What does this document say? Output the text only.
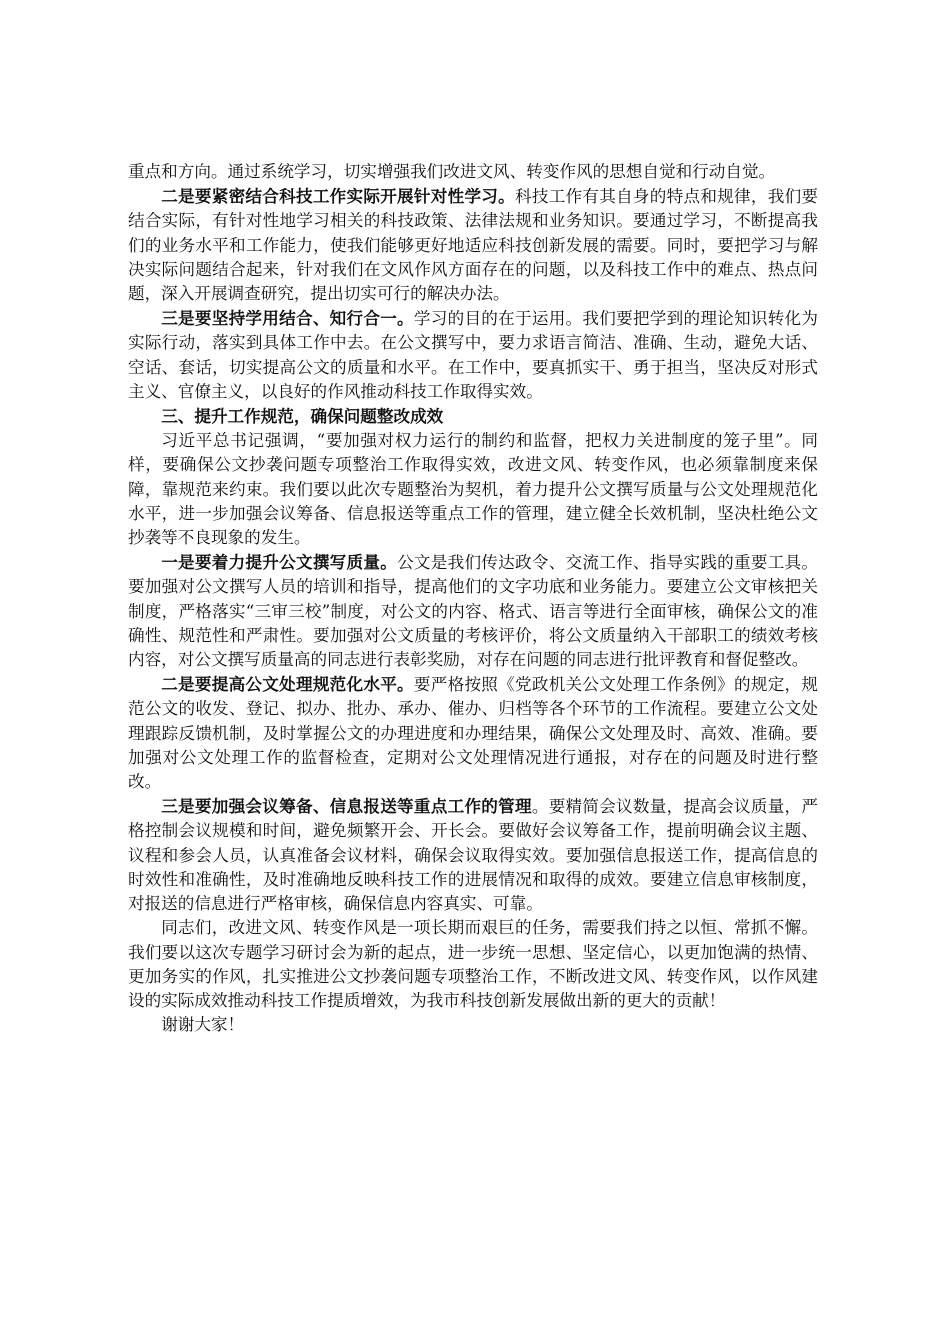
重点和方向。通过系统学习，切实增强我们改进文风、转变作风的思想自觉和行动自觉。

二是要紧密结合科技工作实际开展针对性学习。科技工作有其自身的特点和规律，我们要结合实际，有针对性地学习相关的科技政策、法律法规和业务知识。要通过学习，不断提高我们的业务水平和工作能力，使我们能够更好地适应科技创新发展的需要。同时，要把学习与解决实际问题结合起来，针对我们在文风作风方面存在的问题，以及科技工作中的难点、热点问题，深入开展调查研究，提出切实可行的解决办法。

三是要坚持学用结合、知行合一。学习的目的在于运用。我们要把学到的理论知识转化为实际行动，落实到具体工作中去。在公文撰写中，要力求语言简洁、准确、生动，避免大话、空话、套话，切实提高公文的质量和水平。在工作中，要真抓实干、勇于担当，坚决反对形式主义、官僚主义，以良好的作风推动科技工作取得实效。

三、提升工作规范，确保问题整改成效

习近平总书记强调，“要加强对权力运行的制约和监督，把权力关进制度的笼子里”。同样，要确保公文抄袭问题专项整治工作取得实效，改进文风、转变作风，也必须靠制度来保障，靠规范来约束。我们要以此次专题整治为契机，着力提升公文撰写质量与公文处理规范化水平，进一步加强会议筹备、信息报送等重点工作的管理，建立健全长效机制，坚决杜绝公文抄袭等不良现象的发生。

一是要着力提升公文撰写质量。公文是我们传达政令、交流工作、指导实践的重要工具。要加强对公文撰写人员的培训和指导，提高他们的文字功底和业务能力。要建立公文审核把关制度，严格落实“三审三校”制度，对公文的内容、格式、语言等进行全面审核，确保公文的准确性、规范性和严肃性。要加强对公文质量的考核评价，将公文质量纳入干部职工的绩效考核内容，对公文撰写质量高的同志进行表彰奖励，对存在问题的同志进行批评教育和督促整改。

二是要提高公文处理规范化水平。要严格按照《党政机关公文处理工作条例》的规定，规范公文的收发、登记、拟办、批办、承办、催办、归档等各个环节的工作流程。要建立公文处理跟踪反馈机制，及时掌握公文的办理进度和办理结果，确保公文处理及时、高效、准确。要加强对公文处理工作的监督检查，定期对公文处理情况进行通报，对存在的问题及时进行整改。

三是要加强会议筹备、信息报送等重点工作的管理。要精简会议数量，提高会议质量，严格控制会议规模和时间，避免频繁开会、开长会。要做好会议筹备工作，提前明确会议主题、议程和参会人员，认真准备会议材料，确保会议取得实效。要加强信息报送工作，提高信息的时效性和准确性，及时准确地反映科技工作的进展情况和取得的成效。要建立信息审核制度，对报送的信息进行严格审核，确保信息内容真实、可靠。

同志们，改进文风、转变作风是一项长期而艰巨的任务，需要我们持之以恒、常抓不懈。我们要以这次专题学习研讨会为新的起点，进一步统一思想、坚定信心，以更加饱满的热情、更加务实的作风，扎实推进公文抄袭问题专项整治工作，不断改进文风、转变作风，以作风建设的实际成效推动科技工作提质增效，为我市科技创新发展做出新的更大的贡献！

谢谢大家！
